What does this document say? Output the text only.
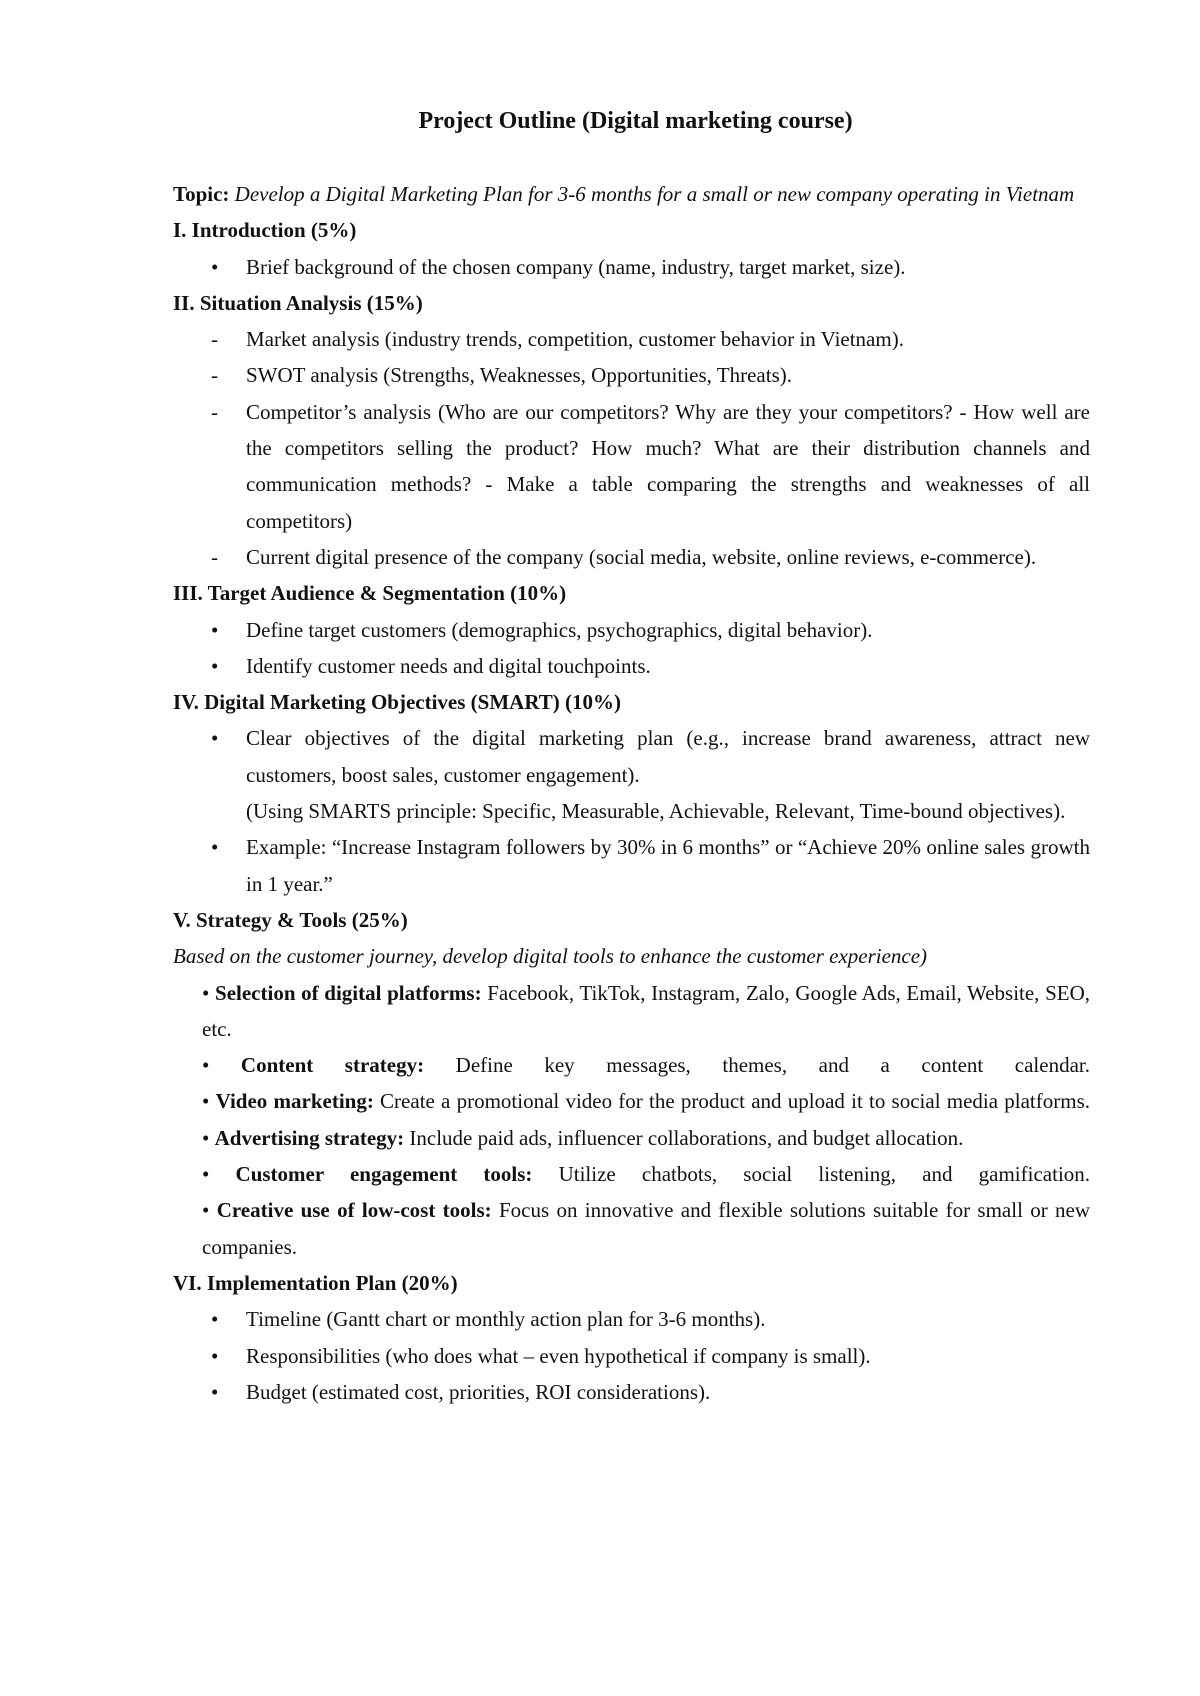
Project Outline (Digital marketing course)

Topic: Develop a Digital Marketing Plan for 3-6 months for a small or new company operating in Vietnam

I. Introduction (5%)

• Brief background of the chosen company (name, industry, target market, size).

II. Situation Analysis (15%)

- Market analysis (industry trends, competition, customer behavior in Vietnam).
- SWOT analysis (Strengths, Weaknesses, Opportunities, Threats).
- Competitor’s analysis (Who are our competitors? Why are they your competitors? - How well are the competitors selling the product? How much? What are their distribution channels and communication methods? - Make a table comparing the strengths and weaknesses of all competitors)
- Current digital presence of the company (social media, website, online reviews, e-commerce).

III. Target Audience & Segmentation (10%)

• Define target customers (demographics, psychographics, digital behavior).
• Identify customer needs and digital touchpoints.

IV. Digital Marketing Objectives (SMART) (10%)

• Clear objectives of the digital marketing plan (e.g., increase brand awareness, attract new customers, boost sales, customer engagement).

(Using SMARTS principle: Specific, Measurable, Achievable, Relevant, Time-bound objectives).

• Example: “Increase Instagram followers by 30% in 6 months” or “Achieve 20% online sales growth in 1 year.”

V. Strategy & Tools (25%)

Based on the customer journey, develop digital tools to enhance the customer experience)

• Selection of digital platforms: Facebook, TikTok, Instagram, Zalo, Google Ads, Email, Website, SEO, etc.

• Content strategy: Define key messages, themes, and a content calendar.

• Video marketing: Create a promotional video for the product and upload it to social media platforms.

• Advertising strategy: Include paid ads, influencer collaborations, and budget allocation.

• Customer engagement tools: Utilize chatbots, social listening, and gamification.

• Creative use of low-cost tools: Focus on innovative and flexible solutions suitable for small or new companies.

VI. Implementation Plan (20%)

• Timeline (Gantt chart or monthly action plan for 3-6 months).
• Responsibilities (who does what – even hypothetical if company is small).
• Budget (estimated cost, priorities, ROI considerations).
